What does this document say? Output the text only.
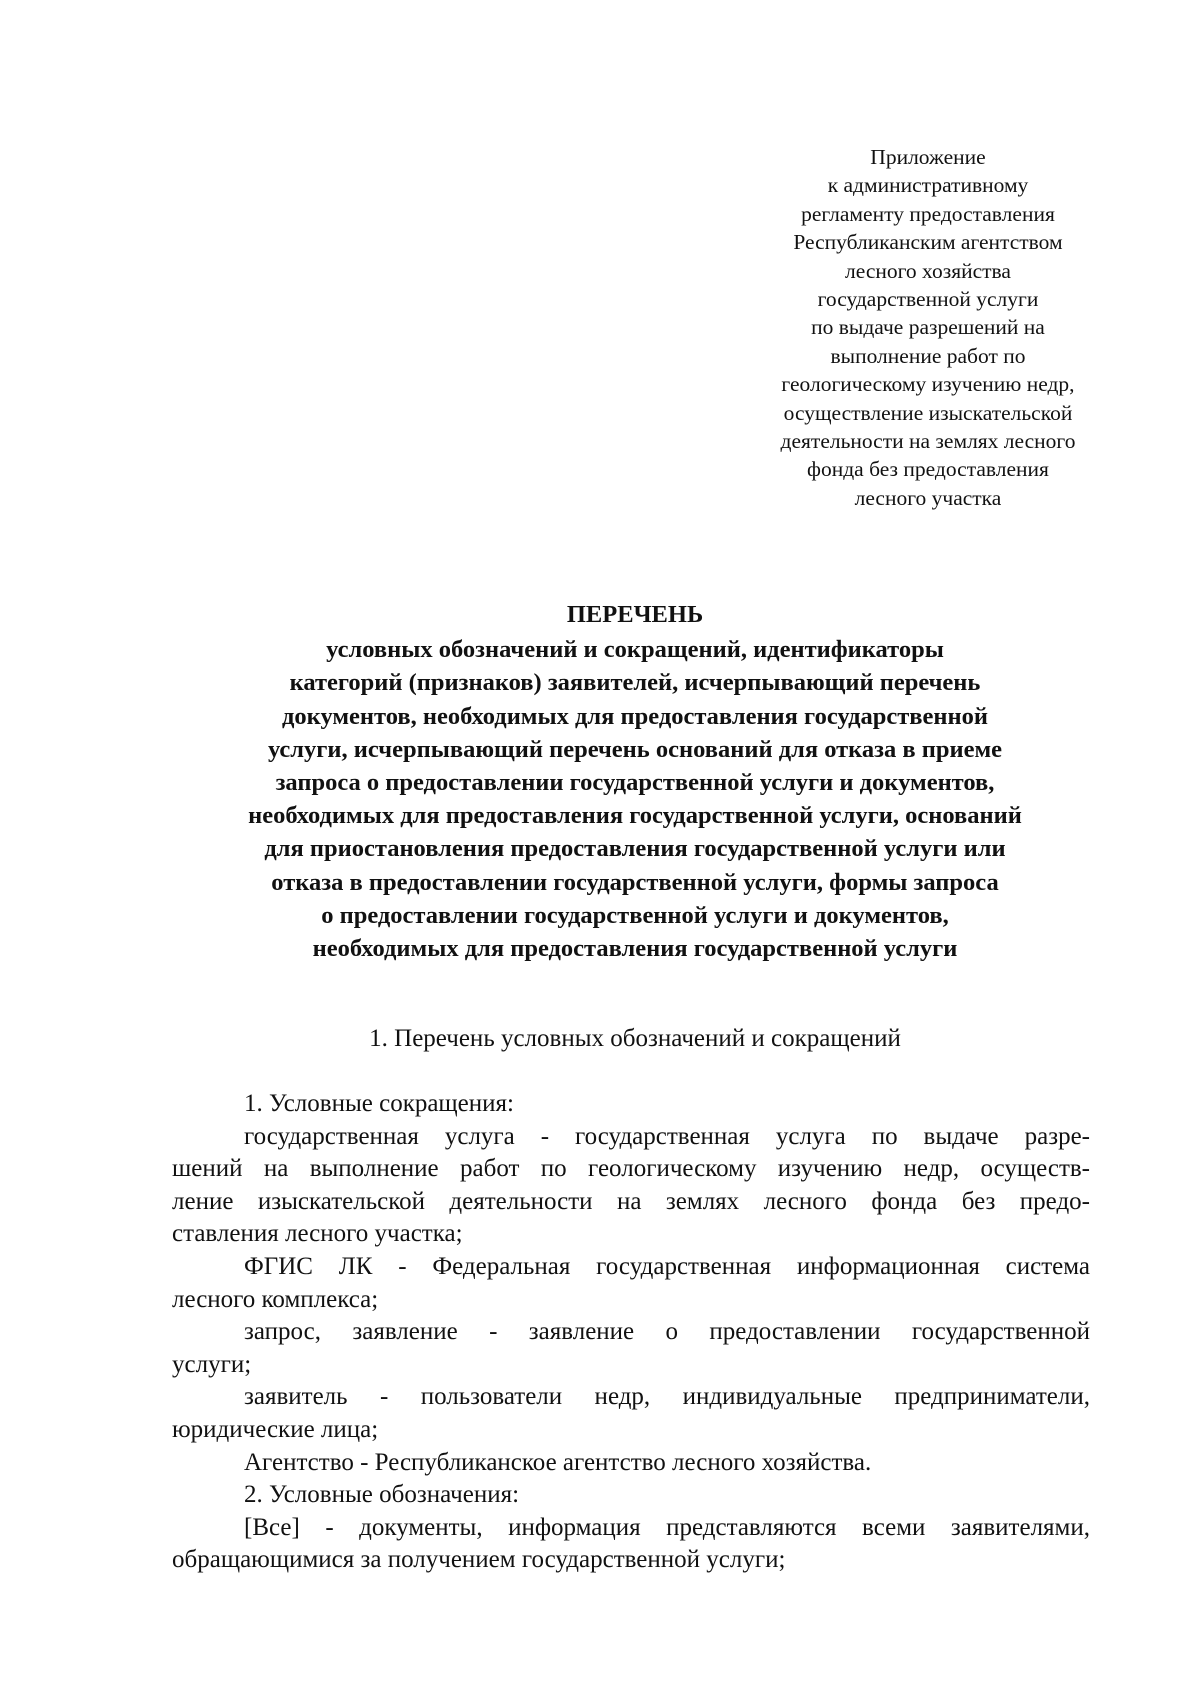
Приложение
к административному
регламенту предоставления
Республиканским агентством
лесного хозяйства
государственной услуги
по выдаче разрешений на
выполнение работ по
геологическому изучению недр,
осуществление изыскательской
деятельности на землях лесного
фонда без предоставления
лесного участка
ПЕРЕЧЕНЬ
условных обозначений и сокращений, идентификаторы
категорий (признаков) заявителей, исчерпывающий перечень
документов, необходимых для предоставления государственной
услуги, исчерпывающий перечень оснований для отказа в приеме
запроса о предоставлении государственной услуги и документов,
необходимых для предоставления государственной услуги, оснований
для приостановления предоставления государственной услуги или
отказа в предоставлении государственной услуги, формы запроса
о предоставлении государственной услуги и документов,
необходимых для предоставления государственной услуги
1. Перечень условных обозначений и сокращений
1. Условные сокращения:
государственная услуга - государственная услуга по выдаче разре-
шений на выполнение работ по геологическому изучению недр, осуществ-
ление изыскательской деятельности на землях лесного фонда без предо-
ставления лесного участка;
ФГИС ЛК - Федеральная государственная информационная система
лесного комплекса;
запрос, заявление - заявление о предоставлении государственной
услуги;
заявитель - пользователи недр, индивидуальные предприниматели,
юридические лица;
Агентство - Республиканское агентство лесного хозяйства.
2. Условные обозначения:
[Все] - документы, информация представляются всеми заявителями,
обращающимися за получением государственной услуги;
